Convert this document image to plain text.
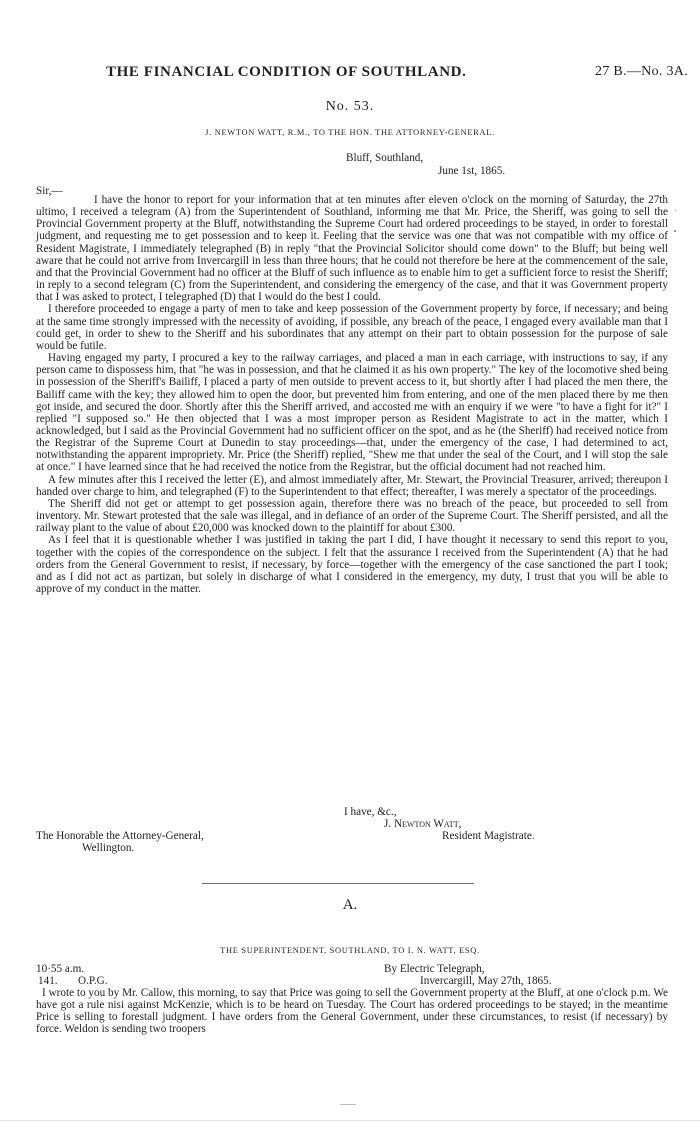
THE FINANCIAL CONDITION OF SOUTHLAND.	27 B.—No. 3A.
No. 53.
J. NEWTON WATT, R.M., TO THE HON. THE ATTORNEY-GENERAL.
Bluff, Southland,
June 1st, 1865.
Sir,—

I have the honor to report for your information that at ten minutes after eleven o'clock on the morning of Saturday, the 27th ultimo, I received a telegram (A) from the Superintendent of Southland, informing me that Mr. Price, the Sheriff, was going to sell the Provincial Government property at the Bluff, notwithstanding the Supreme Court had ordered proceedings to be stayed, in order to forestall judgment, and requesting me to get possession and to keep it. Feeling that the service was one that was not compatible with my office of Resident Magistrate, I immediately telegraphed (B) in reply "that the Provincial Solicitor should come down" to the Bluff; but being well aware that he could not arrive from Invercargill in less than three hours; that he could not therefore be here at the commencement of the sale, and that the Provincial Government had no officer at the Bluff of such influence as to enable him to get a sufficient force to resist the Sheriff; in reply to a second telegram (C) from the Superintendent, and considering the emergency of the case, and that it was Government property that I was asked to protect, I telegraphed (D) that I would do the best I could.

I therefore proceeded to engage a party of men to take and keep possession of the Government property by force, if necessary; and being at the same time strongly impressed with the necessity of avoiding, if possible, any breach of the peace, I engaged every available man that I could get, in order to shew to the Sheriff and his subordinates that any attempt on their part to obtain possession for the purpose of sale would be futile.

Having engaged my party, I procured a key to the railway carriages, and placed a man in each carriage, with instructions to say, if any person came to dispossess him, that "he was in possession, and that he claimed it as his own property." The key of the locomotive shed being in possession of the Sheriff's Bailiff, I placed a party of men outside to prevent access to it, but shortly after I had placed the men there, the Bailiff came with the key; they allowed him to open the door, but prevented him from entering, and one of the men placed there by me then got inside, and secured the door. Shortly after this the Sheriff arrived, and accosted me with an enquiry if we were "to have a fight for it?" I replied "I supposed so." He then objected that I was a most improper person as Resident Magistrate to act in the matter, which I acknowledged, but I said as the Provincial Government had no sufficient officer on the spot, and as he (the Sheriff) had received notice from the Registrar of the Supreme Court at Dunedin to stay proceedings—that, under the emergency of the case, I had determined to act, notwithstanding the apparent impropriety. Mr. Price (the Sheriff) replied, "Shew me that under the seal of the Court, and I will stop the sale at once." I have learned since that he had received the notice from the Registrar, but the official document had not reached him.

A few minutes after this I received the letter (E), and almost immediately after, Mr. Stewart, the Provincial Treasurer, arrived; thereupon I handed over charge to him, and telegraphed (F) to the Superintendent to that effect; thereafter, I was merely a spectator of the proceedings.

The Sheriff did not get or attempt to get possession again, therefore there was no breach of the peace, but proceeded to sell from inventory. Mr. Stewart protested that the sale was illegal, and in defiance of an order of the Supreme Court. The Sheriff persisted, and all the railway plant to the value of about £20,000 was knocked down to the plaintiff for about £300.

As I feel that it is questionable whether I was justified in taking the part I did, I have thought it necessary to send this report to you, together with the copies of the correspondence on the subject. I felt that the assurance I received from the Superintendent (A) that he had orders from the General Government to resist, if necessary, by force—together with the emergency of the case sanctioned the part I took; and as I did not act as partizan, but solely in discharge of what I considered in the emergency, my duty, I trust that you will be able to approve of my conduct in the matter.

I have, &c.,
J. Newton Watt,
Resident Magistrate.
The Honorable the Attorney-General,
Wellington.
A.
THE SUPERINTENDENT, SOUTHLAND, TO I. N. WATT, ESQ.
10·55 a.m.	By Electric Telegraph,
141. O.P.G.	Invercargill, May 27th, 1865.

I wrote to you by Mr. Callow, this morning, to say that Price was going to sell the Government property at the Bluff, at one o'clock p.m. We have got a rule nisi against McKenzie, which is to be heard on Tuesday. The Court has ordered proceedings to be stayed; in the meantime Price is selling to forestall judgment. I have orders from the General Government, under these circumstances, to resist (if necessary) by force. Weldon is sending two troopers

ˈ
